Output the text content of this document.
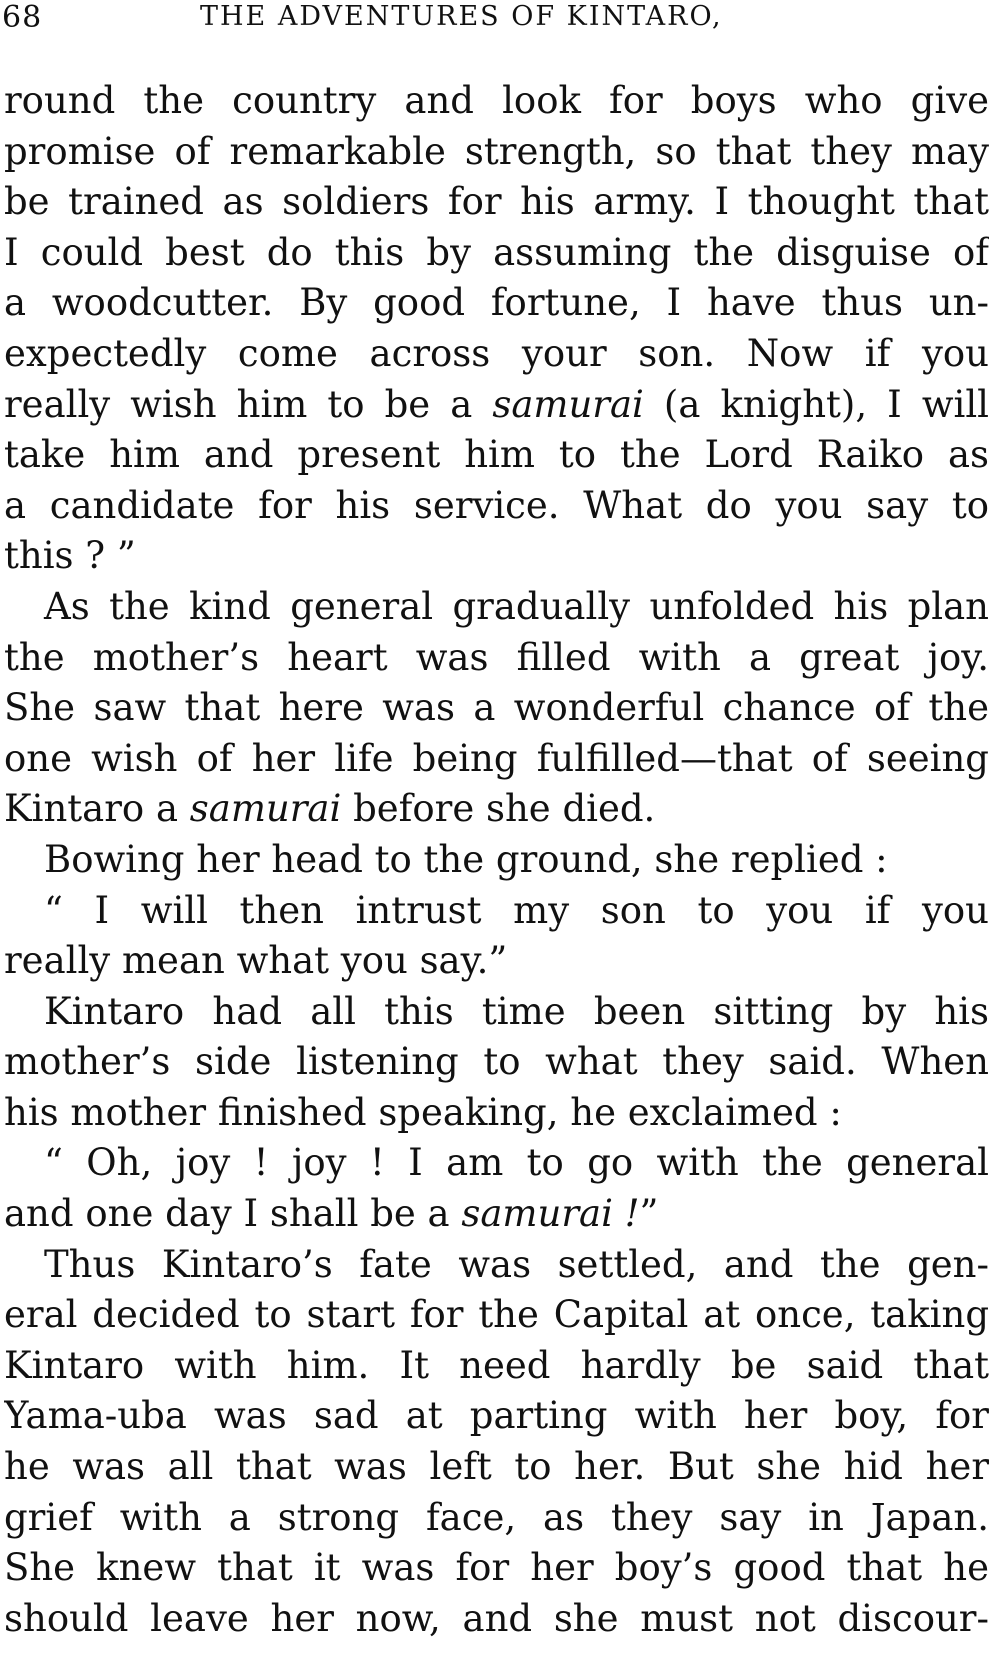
68	THE ADVENTURES OF KINTARO,
round the country and look for boys who give
promise of remarkable strength, so that they may
be trained as soldiers for his army. I thought that
I could best do this by assuming the disguise of
a woodcutter. By good fortune, I have thus un-
expectedly come across your son. Now if you
really wish him to be a samurai (a knight), I will
take him and present him to the Lord Raiko as
a candidate for his service. What do you say to
this ? ”
As the kind general gradually unfolded his plan
the mother’s heart was filled with a great joy.
She saw that here was a wonderful chance of the
one wish of her life being fulfilled—that of seeing
Kintaro a samurai before she died.
Bowing her head to the ground, she replied :
“ I will then intrust my son to you if you
really mean what you say.”
Kintaro had all this time been sitting by his
mother’s side listening to what they said. When
his mother finished speaking, he exclaimed :
“ Oh, joy ! joy ! I am to go with the general
and one day I shall be a samurai !”
Thus Kintaro’s fate was settled, and the gen-
eral decided to start for the Capital at once, taking
Kintaro with him. It need hardly be said that
Yama-uba was sad at parting with her boy, for
he was all that was left to her. But she hid her
grief with a strong face, as they say in Japan.
She knew that it was for her boy’s good that he
should leave her now, and she must not discour-
